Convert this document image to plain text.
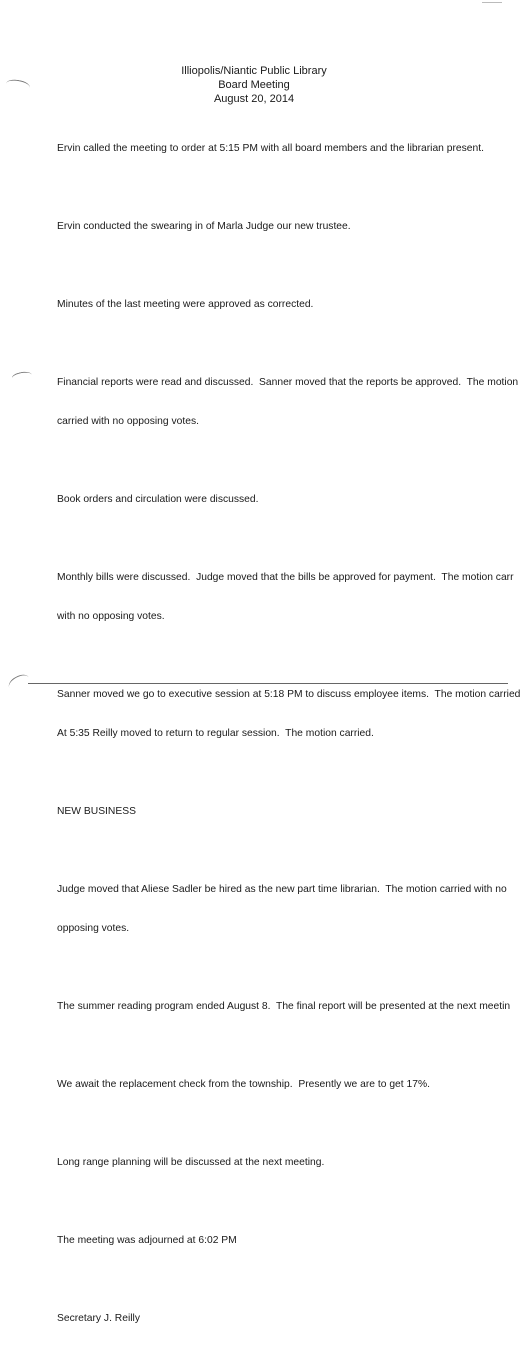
Illiopolis/Niantic Public Library
Board Meeting
August 20, 2014

Ervin called the meeting to order at 5:15 PM with all board members and the librarian present.

Ervin conducted the swearing in of Marla Judge our new trustee.

Minutes of the last meeting were approved as corrected.

Financial reports were read and discussed.  Sanner moved that the reports be approved.  The motion

carried with no opposing votes.

Book orders and circulation were discussed.

Monthly bills were discussed.  Judge moved that the bills be approved for payment.  The motion carr

with no opposing votes.

Sanner moved we go to executive session at 5:18 PM to discuss employee items.  The motion carried

At 5:35 Reilly moved to return to regular session.  The motion carried.

NEW BUSINESS

Judge moved that Aliese Sadler be hired as the new part time librarian.  The motion carried with no

opposing votes.

The summer reading program ended August 8.  The final report will be presented at the next meetin

We await the replacement check from the township.  Presently we are to get 17%.

Long range planning will be discussed at the next meeting.

The meeting was adjourned at 6:02 PM

Secretary J. Reilly
